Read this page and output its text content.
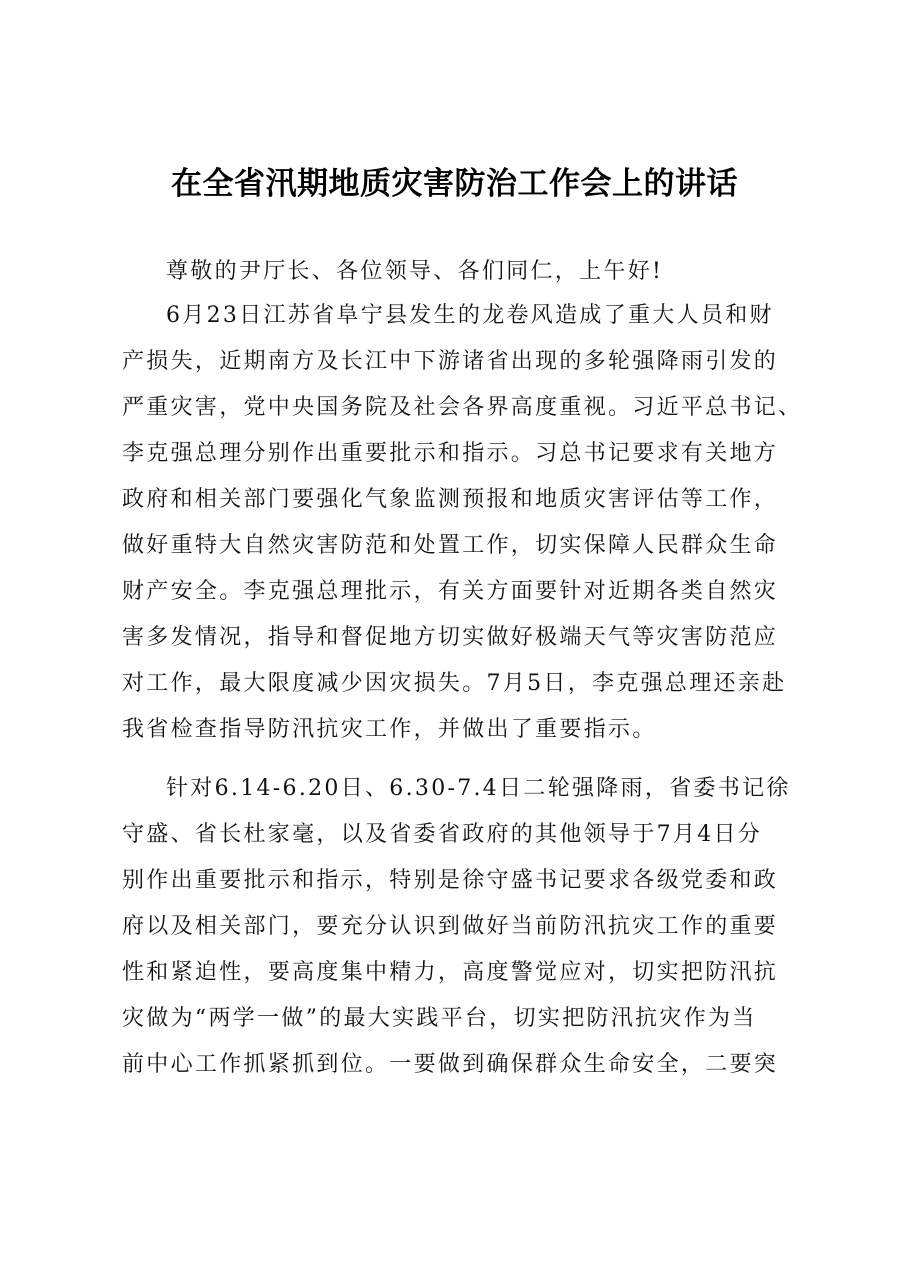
在全省汛期地质灾害防治工作会上的讲话
尊敬的尹厅长、各位领导、各们同仁，上午好!
6月23日江苏省阜宁县发生的龙卷风造成了重大人员和财
产损失，近期南方及长江中下游诸省出现的多轮强降雨引发的
严重灾害，党中央国务院及社会各界高度重视。习近平总书记、
李克强总理分别作出重要批示和指示。习总书记要求有关地方
政府和相关部门要强化气象监测预报和地质灾害评估等工作，
做好重特大自然灾害防范和处置工作，切实保障人民群众生命
财产安全。李克强总理批示，有关方面要针对近期各类自然灾
害多发情况，指导和督促地方切实做好极端天气等灾害防范应
对工作，最大限度减少因灾损失。7月5日，李克强总理还亲赴
我省检查指导防汛抗灾工作，并做出了重要指示。
针对6.14-6.20日、6.30-7.4日二轮强降雨，省委书记徐
守盛、省长杜家毫，以及省委省政府的其他领导于7月4日分
别作出重要批示和指示，特别是徐守盛书记要求各级党委和政
府以及相关部门，要充分认识到做好当前防汛抗灾工作的重要
性和紧迫性，要高度集中精力，高度警觉应对，切实把防汛抗
灾做为“两学一做”的最大实践平台，切实把防汛抗灾作为当
前中心工作抓紧抓到位。一要做到确保群众生命安全，二要突
